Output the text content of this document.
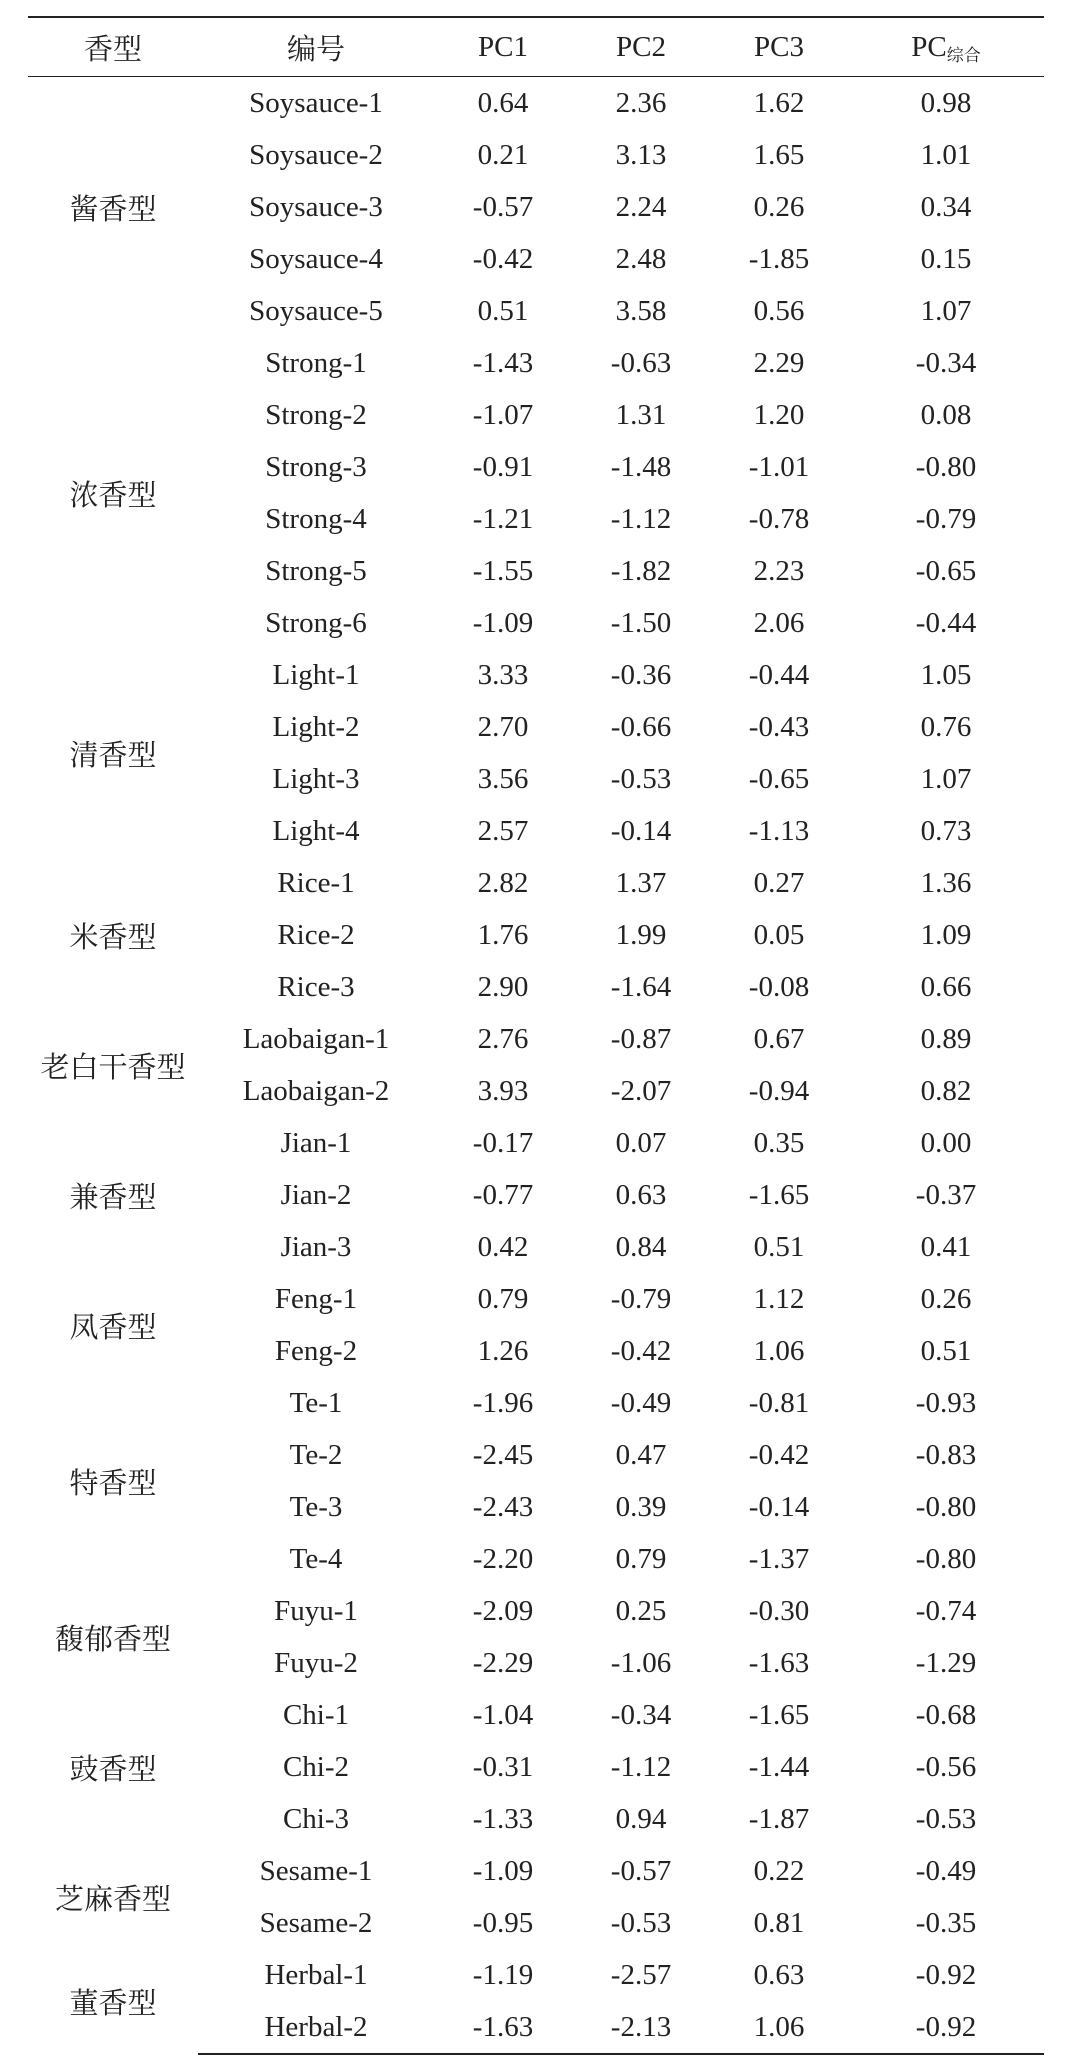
香型	编号	PC1	PC2	PC3	PC综合
酱香型	Soysauce-1	0.64	2.36	1.62	0.98
	Soysauce-2	0.21	3.13	1.65	1.01
	Soysauce-3	-0.57	2.24	0.26	0.34
	Soysauce-4	-0.42	2.48	-1.85	0.15
	Soysauce-5	0.51	3.58	0.56	1.07
浓香型	Strong-1	-1.43	-0.63	2.29	-0.34
	Strong-2	-1.07	1.31	1.20	0.08
	Strong-3	-0.91	-1.48	-1.01	-0.80
	Strong-4	-1.21	-1.12	-0.78	-0.79
	Strong-5	-1.55	-1.82	2.23	-0.65
	Strong-6	-1.09	-1.50	2.06	-0.44
清香型	Light-1	3.33	-0.36	-0.44	1.05
	Light-2	2.70	-0.66	-0.43	0.76
	Light-3	3.56	-0.53	-0.65	1.07
	Light-4	2.57	-0.14	-1.13	0.73
米香型	Rice-1	2.82	1.37	0.27	1.36
	Rice-2	1.76	1.99	0.05	1.09
	Rice-3	2.90	-1.64	-0.08	0.66
老白干香型	Laobaigan-1	2.76	-0.87	0.67	0.89
	Laobaigan-2	3.93	-2.07	-0.94	0.82
兼香型	Jian-1	-0.17	0.07	0.35	0.00
	Jian-2	-0.77	0.63	-1.65	-0.37
	Jian-3	0.42	0.84	0.51	0.41
凤香型	Feng-1	0.79	-0.79	1.12	0.26
	Feng-2	1.26	-0.42	1.06	0.51
特香型	Te-1	-1.96	-0.49	-0.81	-0.93
	Te-2	-2.45	0.47	-0.42	-0.83
	Te-3	-2.43	0.39	-0.14	-0.80
	Te-4	-2.20	0.79	-1.37	-0.80
馥郁香型	Fuyu-1	-2.09	0.25	-0.30	-0.74
	Fuyu-2	-2.29	-1.06	-1.63	-1.29
豉香型	Chi-1	-1.04	-0.34	-1.65	-0.68
	Chi-2	-0.31	-1.12	-1.44	-0.56
	Chi-3	-1.33	0.94	-1.87	-0.53
芝麻香型	Sesame-1	-1.09	-0.57	0.22	-0.49
	Sesame-2	-0.95	-0.53	0.81	-0.35
董香型	Herbal-1	-1.19	-2.57	0.63	-0.92
	Herbal-2	-1.63	-2.13	1.06	-0.92
